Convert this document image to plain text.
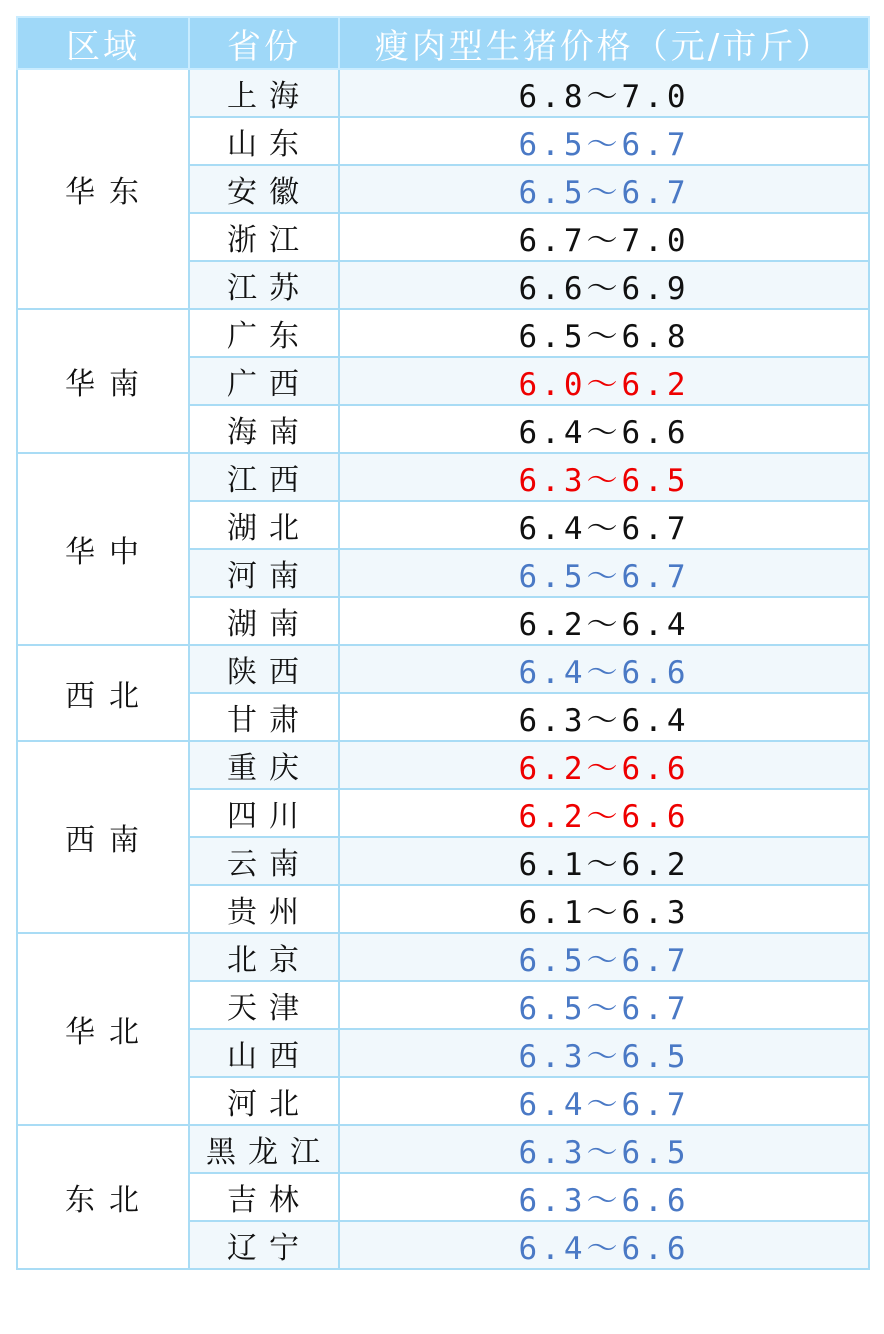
区域	省份	瘦肉型生猪价格（元/市斤）
华东	上海	6.8～7.0
	山东	6.5～6.7
	安徽	6.5～6.7
	浙江	6.7～7.0
	江苏	6.6～6.9
华南	广东	6.5～6.8
	广西	6.0～6.2
	海南	6.4～6.6
华中	江西	6.3～6.5
	湖北	6.4～6.7
	河南	6.5～6.7
	湖南	6.2～6.4
西北	陕西	6.4～6.6
	甘肃	6.3～6.4
西南	重庆	6.2～6.6
	四川	6.2～6.6
	云南	6.1～6.2
	贵州	6.1～6.3
华北	北京	6.5～6.7
	天津	6.5～6.7
	山西	6.3～6.5
	河北	6.4～6.7
东北	黑龙江	6.3～6.5
	吉林	6.3～6.6
	辽宁	6.4～6.6
